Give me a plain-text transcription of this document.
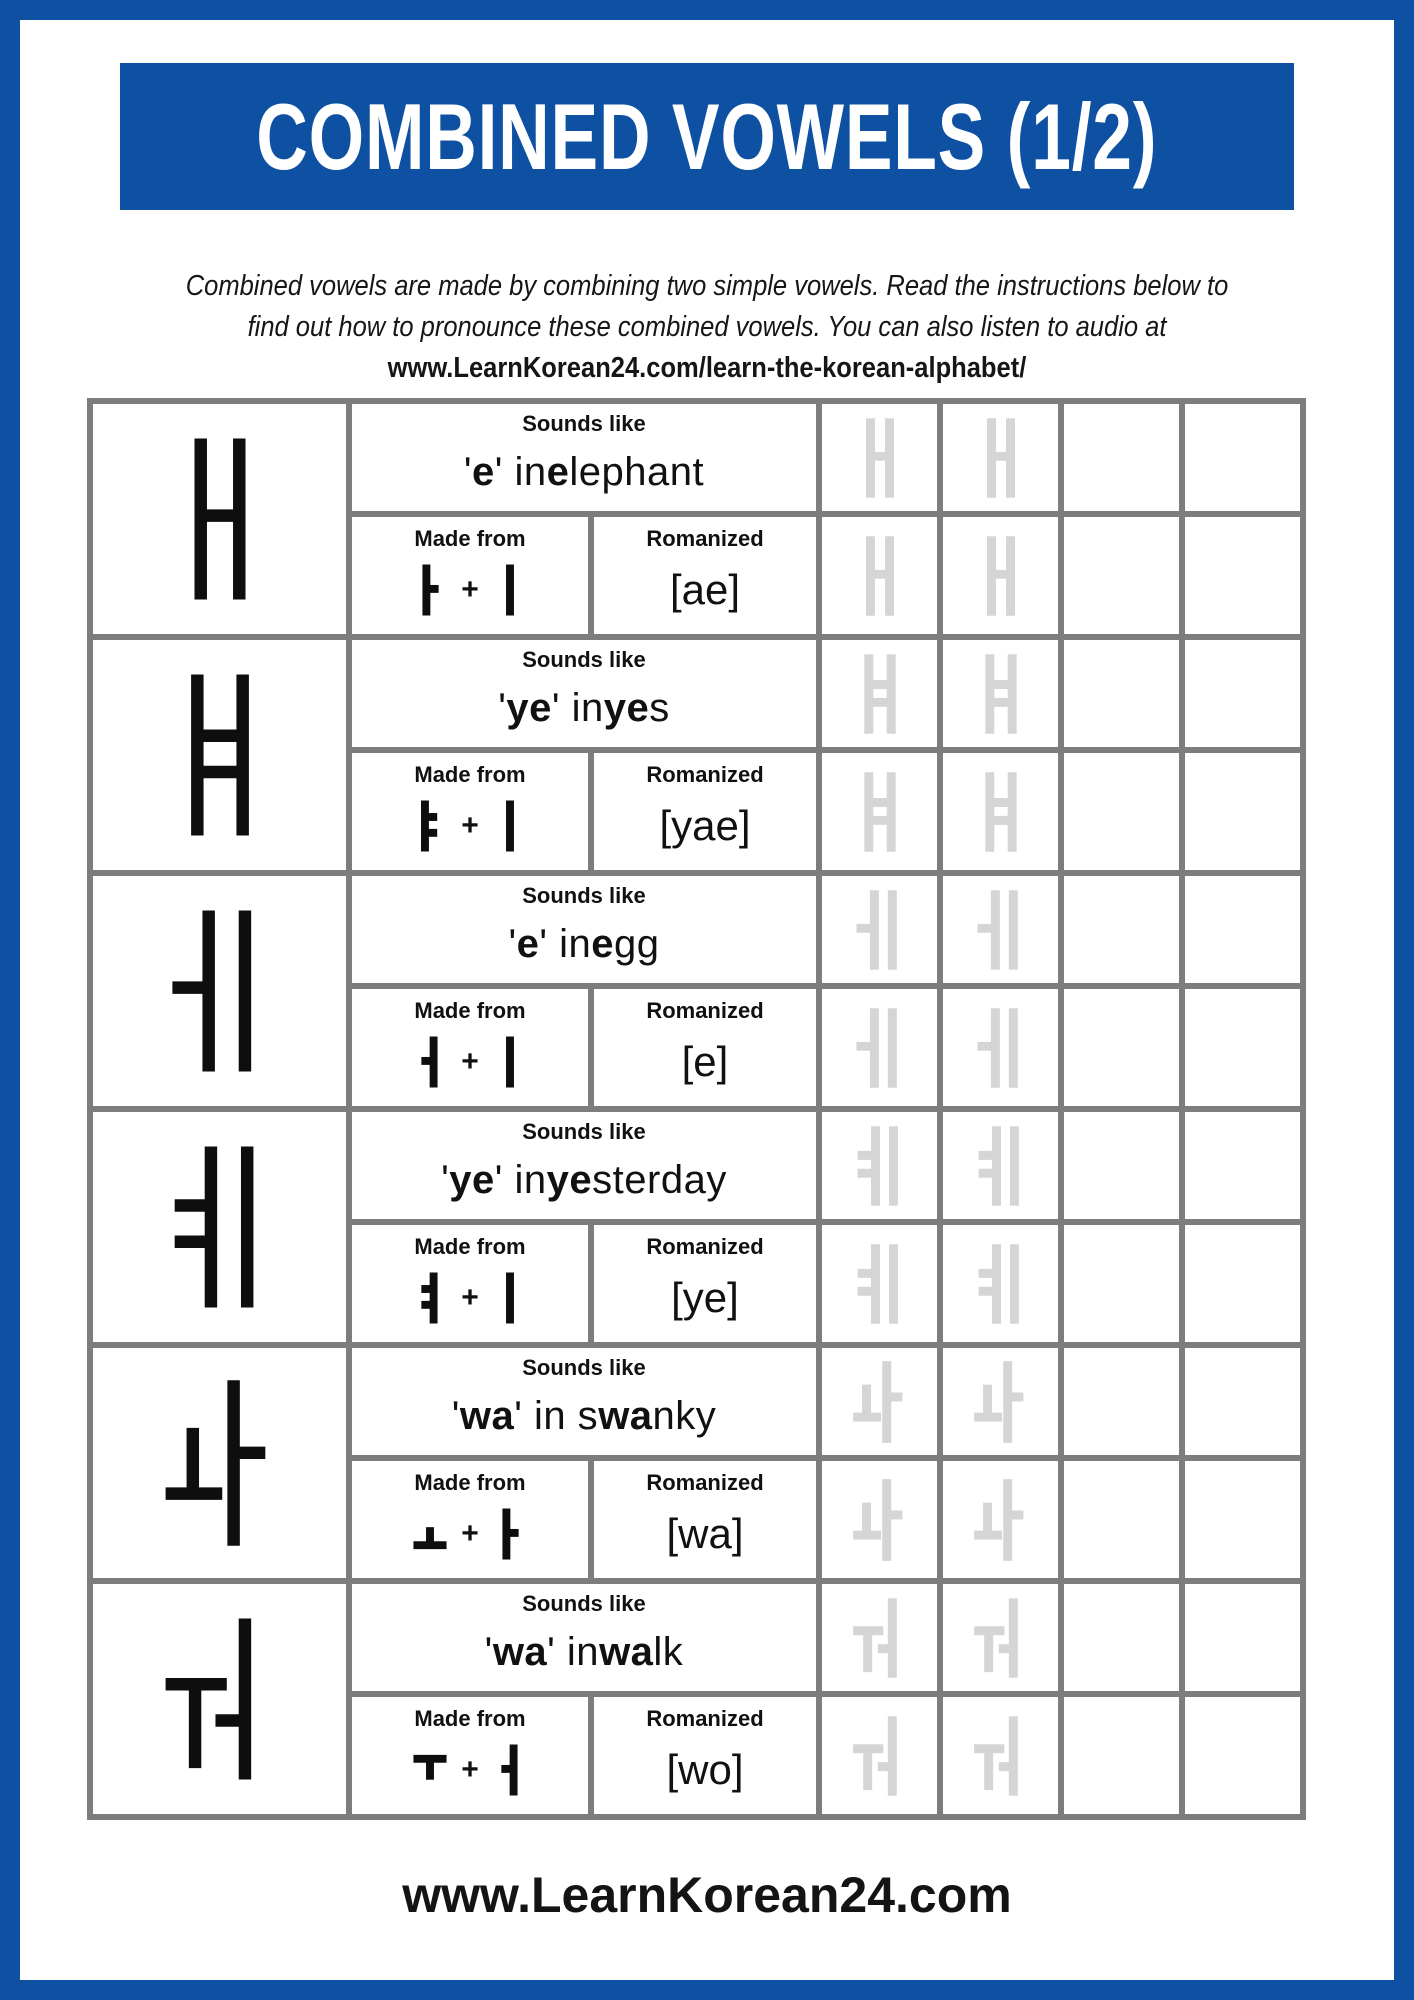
COMBINED VOWELS (1/2)
Combined vowels are made by combining two simple vowels. Read the instructions below to
find out how to pronounce these combined vowels. You can also listen to audio at
www.LearnKorean24.com/learn-the-korean-alphabet/
Sounds like
' e ' in e lephant
Made from
+
Romanized
[ae]
Sounds like
' ye ' in ye s
Made from
+
Romanized
[yae]
Sounds like
' e ' in e gg
Made from
+
Romanized
[e]
Sounds like
' ye ' in ye sterday
Made from
+
Romanized
[ye]
Sounds like
' wa ' in s wa nky
Made from
+
Romanized
[wa]
Sounds like
' wa ' in wa lk
Made from
+
Romanized
[wo]
www.LearnKorean24.com
